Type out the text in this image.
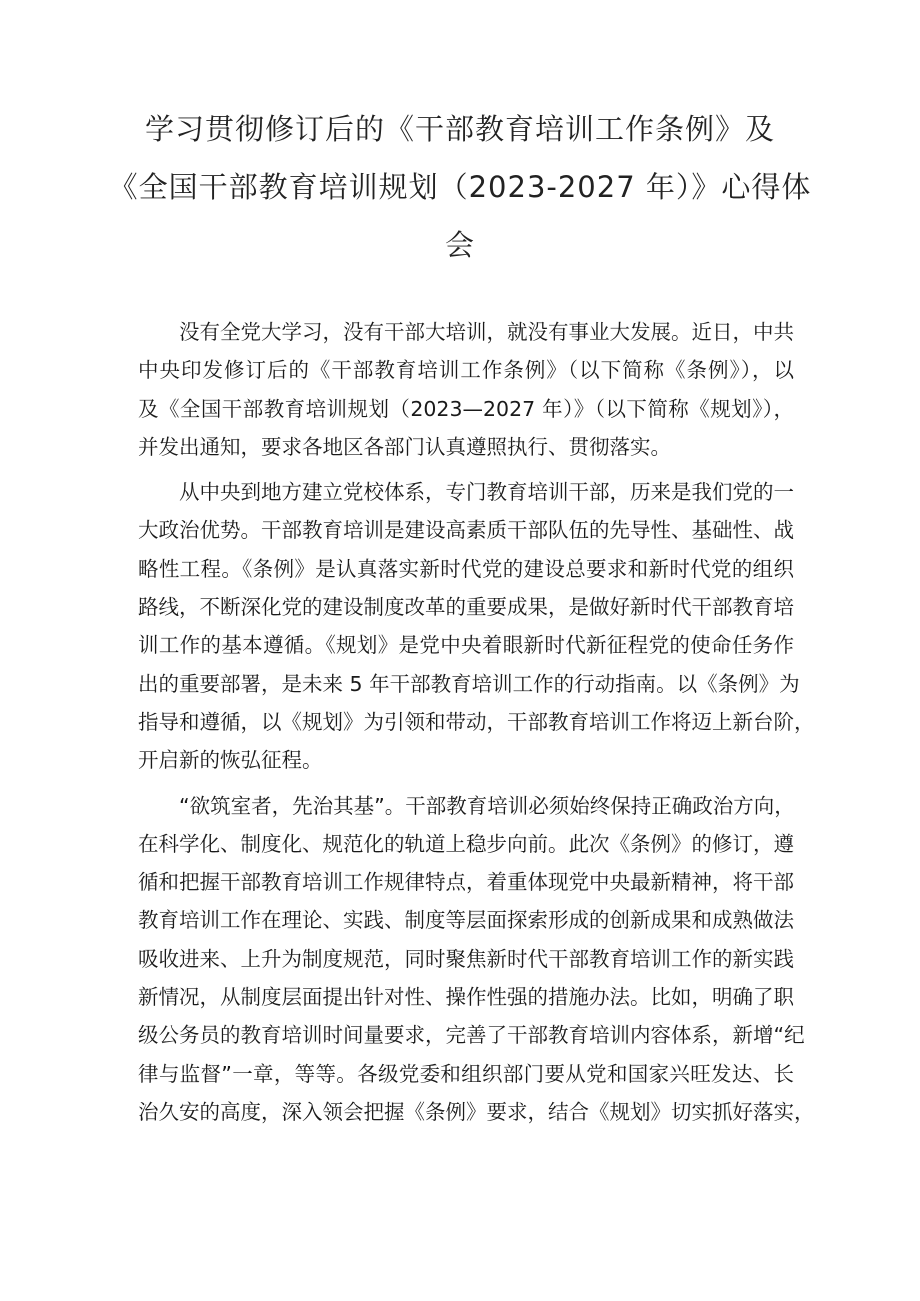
学习贯彻修订后的《干部教育培训工作条例》及
《全国干部教育培训规划（2023-2027 年）》心得体
会
没有全党大学习，没有干部大培训，就没有事业大发展。近日，中共
中央印发修订后的《干部教育培训工作条例》（以下简称《条例》），以
及《全国干部教育培训规划（2023—2027 年）》（以下简称《规划》），
并发出通知，要求各地区各部门认真遵照执行、贯彻落实。
从中央到地方建立党校体系，专门教育培训干部，历来是我们党的一
大政治优势。干部教育培训是建设高素质干部队伍的先导性、基础性、战
略性工程。《条例》是认真落实新时代党的建设总要求和新时代党的组织
路线，不断深化党的建设制度改革的重要成果，是做好新时代干部教育培
训工作的基本遵循。《规划》是党中央着眼新时代新征程党的使命任务作
出的重要部署，是未来 5 年干部教育培训工作的行动指南。以《条例》为
指导和遵循，以《规划》为引领和带动，干部教育培训工作将迈上新台阶，
开启新的恢弘征程。
“欲筑室者，先治其基”。干部教育培训必须始终保持正确政治方向，
在科学化、制度化、规范化的轨道上稳步向前。此次《条例》的修订，遵
循和把握干部教育培训工作规律特点，着重体现党中央最新精神，将干部
教育培训工作在理论、实践、制度等层面探索形成的创新成果和成熟做法
吸收进来、上升为制度规范，同时聚焦新时代干部教育培训工作的新实践
新情况，从制度层面提出针对性、操作性强的措施办法。比如，明确了职
级公务员的教育培训时间量要求，完善了干部教育培训内容体系，新增“纪
律与监督”一章，等等。各级党委和组织部门要从党和国家兴旺发达、长
治久安的高度，深入领会把握《条例》要求，结合《规划》切实抓好落实，
